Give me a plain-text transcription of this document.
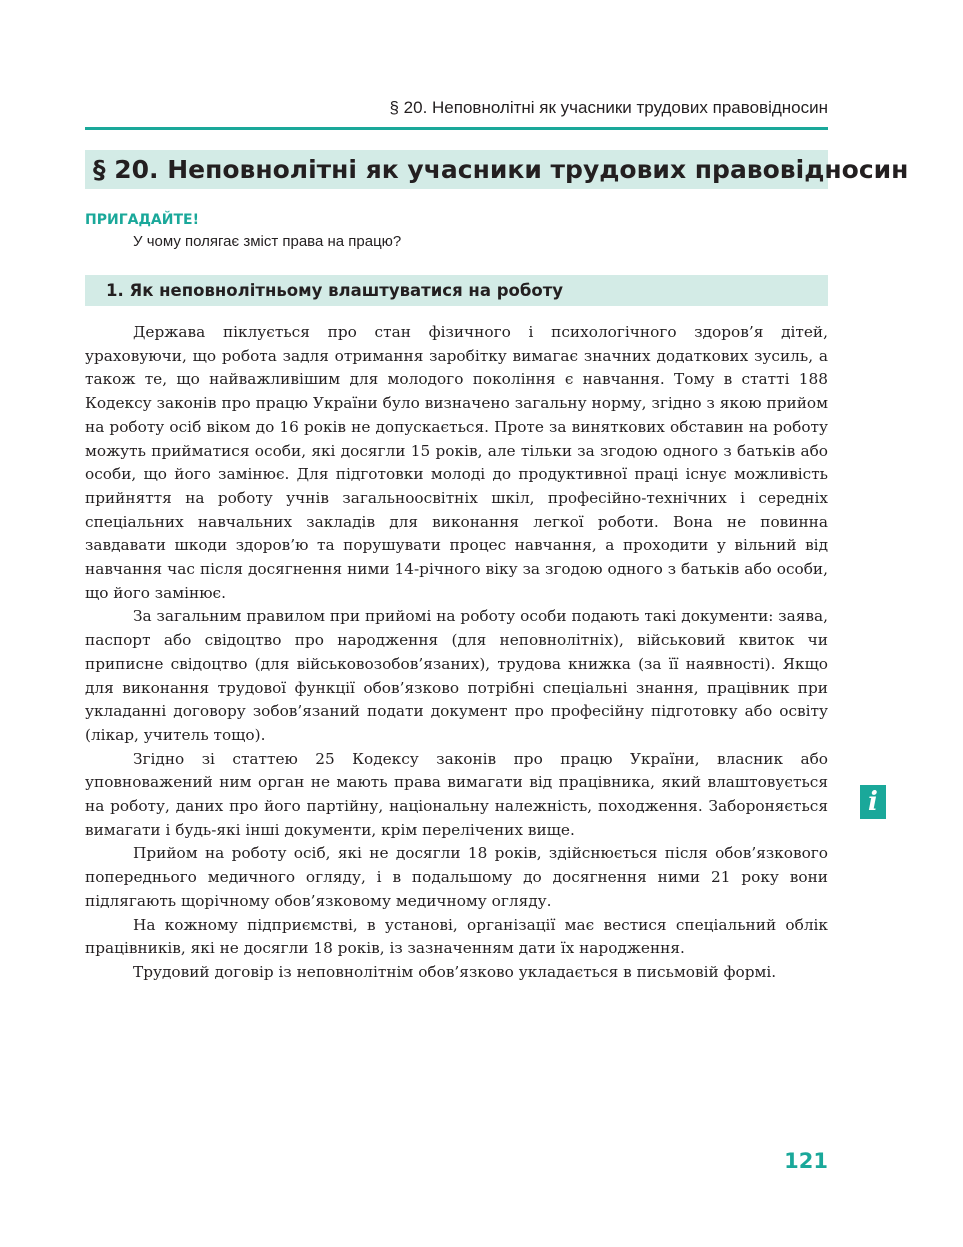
§ 20. Неповнолітні як учасники трудових правовідносин
§ 20. Неповнолітні як учасники трудових правовідносин
ПРИГАДАЙТЕ!
У чому полягає зміст права на працю?
1. Як неповнолітньому влаштуватися на роботу

Держава піклується про стан фізичного і психологічного здоров’я дітей, ураховуючи, що робота задля отримання заробітку вимагає значних додаткових зусиль, а також те, що найважливішим для молодого покоління є навчання. Тому в статті 188 Кодексу законів про працю України було визначено загальну норму, згідно з якою прийом на роботу осіб віком до 16 років не допускається. Проте за винятковиx обставин на роботу можуть прийматися особи, які досягли 15 років, але тільки за згодою одного з батьків або особи, що його замінює. Для підготовки молоді до продуктивної праці існує можливість прийняття на роботу учнів загальноосвітніх шкіл, професійно-технічних і середніх спеціальних навчальних закладів для виконання легкої роботи. Вона не повинна завдавати шкоди здоров’ю та порушувати процес навчання, а проходити у вільний від навчання час після досягнення ними 14-річного віку за згодою одного з батьків або особи, що його замінює.

За загальним правилом при прийомі на роботу особи подають такі документи: заява, паспорт або свідоцтво про народження (для неповнолітніх), військовий квиток чи приписне свідоцтво (для військовозобов’язаних), трудова книжка (за її наявності). Якщо для виконання трудової функції обов’язково потрібні спеціальні знання, працівник при укладанні договору зобов’язаний подати документ про професійну підготовку або освіту (лікар, учитель тощо).

Згідно зі статтею 25 Кодексу законів про працю України, власник або уповноважений ним орган не мають права вимагати від працівника, який влаштовується на роботу, даних про його партійну, національну належність, походження. Забороняється вимагати і будь-які інші документи, крім перелічених вище.

Прийом на роботу осіб, які не досягли 18 років, здійснюється після обов’язкового попереднього медичного огляду, і в подальшому до досягнення ними 21 року вони підлягають щорічному обов’язковому медичному огляду.

На кожному підприємстві, в установі, організації має вестися спеціальний облік працівників, які не досягли 18 років, із зазначенням дати їх народження.

Трудовий договір із неповнолітнім обов’язково укладається в письмовій формі.

i
121
